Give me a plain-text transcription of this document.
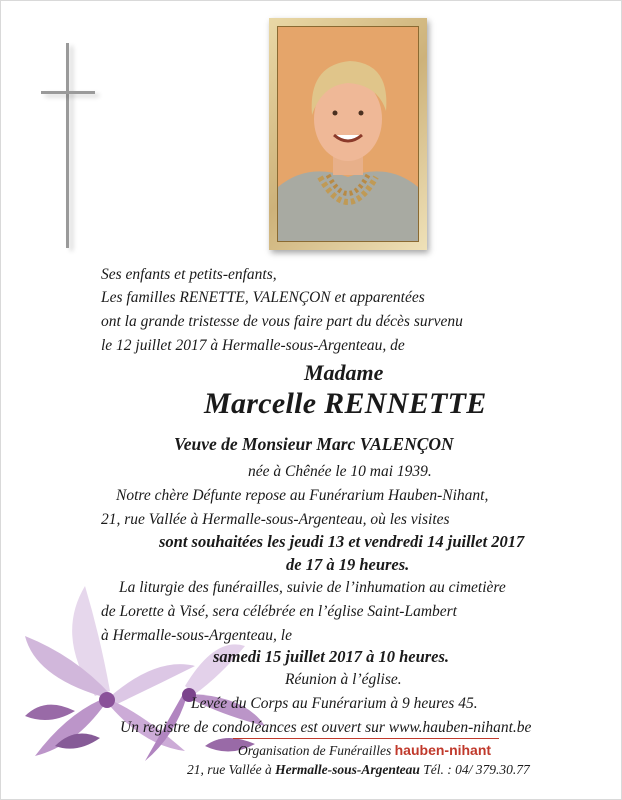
Ses enfants et petits-enfants,
Les familles RENETTE, VALENÇON et apparentées
ont la grande tristesse de vous faire part du décès survenu
le 12 juillet 2017 à Hermalle-sous-Argenteau, de
Madame
Marcelle RENNETTE
Veuve de Monsieur Marc VALENÇON
née à Chênée le 10 mai 1939.
Notre chère Défunte repose au Funérarium Hauben-Nihant,
21, rue Vallée à Hermalle-sous-Argenteau, où les visites
sont souhaitées les jeudi 13 et vendredi 14 juillet 2017
de 17 à 19 heures.
La liturgie des funérailles, suivie de l’inhumation au cimetière
de Lorette à Visé, sera célébrée en l’église Saint-Lambert
à Hermalle-sous-Argenteau, le
samedi 15 juillet 2017 à 10 heures.
Réunion à l’église.
Levée du Corps au Funérarium à 9 heures 45.
Un registre de condoléances est ouvert sur www.hauben-nihant.be
Organisation de Funérailles hauben-nihant
21, rue Vallée à Hermalle-sous-Argenteau Tél. : 04/ 379.30.77
